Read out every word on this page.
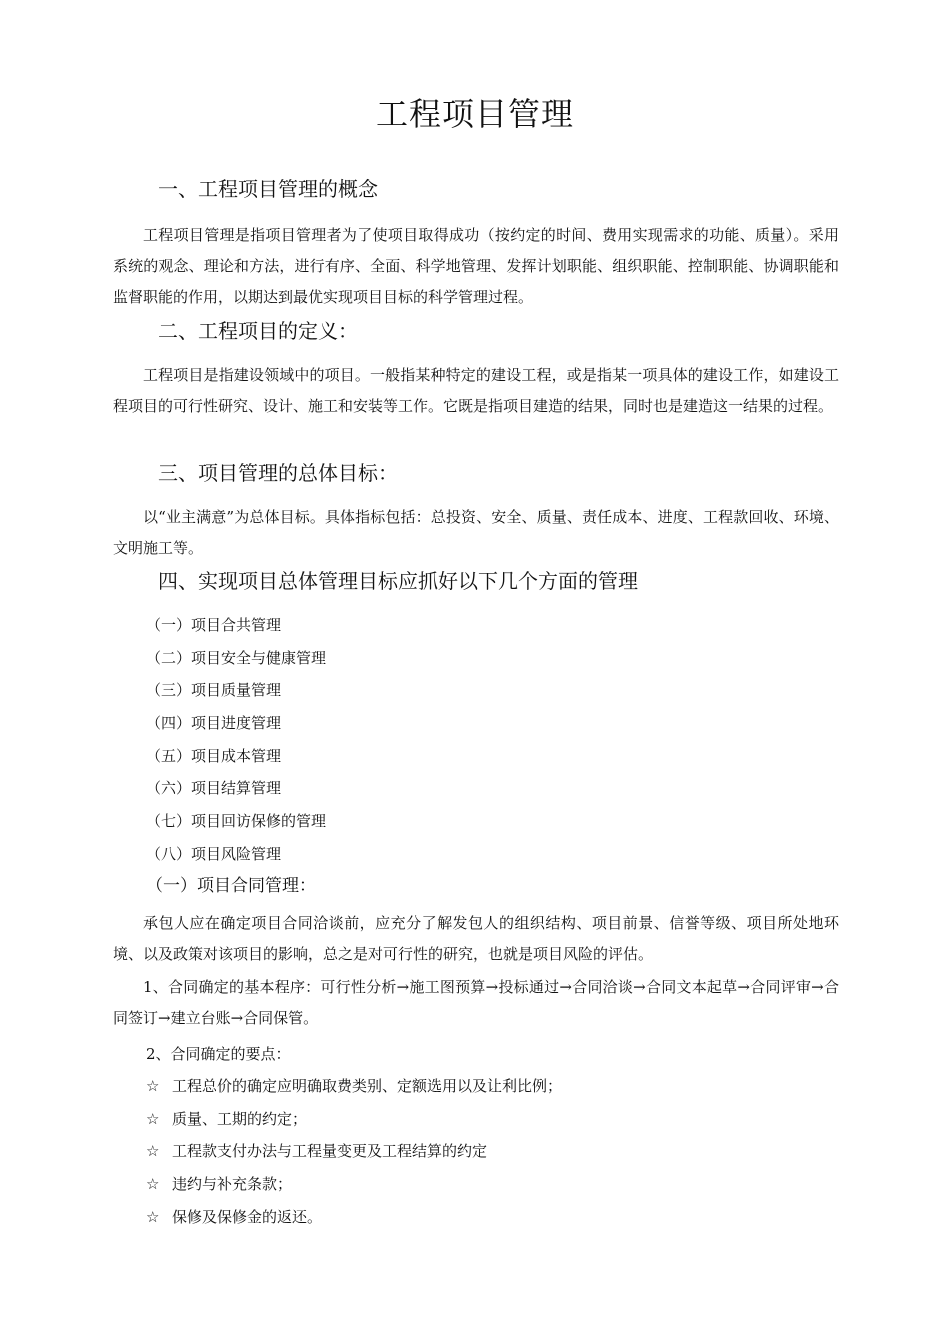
工程项目管理
一、工程项目管理的概念
工程项目管理是指项目管理者为了使项目取得成功（按约定的时间、费用实现需求的功能、质量）。采用系统的观念、理论和方法，进行有序、全面、科学地管理、发挥计划职能、组织职能、控制职能、协调职能和监督职能的作用，以期达到最优实现项目目标的科学管理过程。
二、工程项目的定义：
工程项目是指建设领域中的项目。一般指某种特定的建设工程，或是指某一项具体的建设工作，如建设工程项目的可行性研究、设计、施工和安装等工作。它既是指项目建造的结果，同时也是建造这一结果的过程。
三、项目管理的总体目标：
以“业主满意”为总体目标。具体指标包括：总投资、安全、质量、责任成本、进度、工程款回收、环境、文明施工等。
四、实现项目总体管理目标应抓好以下几个方面的管理
（一）项目合共管理
（二）项目安全与健康管理
（三）项目质量管理
（四）项目进度管理
（五）项目成本管理
（六）项目结算管理
（七）项目回访保修的管理
（八）项目风险管理
（一）项目合同管理：
承包人应在确定项目合同洽谈前，应充分了解发包人的组织结构、项目前景、信誉等级、项目所处地环境、以及政策对该项目的影响，总之是对可行性的研究，也就是项目风险的评估。
1、合同确定的基本程序：可行性分析→施工图预算→投标通过→合同洽谈→合同文本起草→合同评审→合同签订→建立台账→合同保管。
2、合同确定的要点：
☆ 工程总价的确定应明确取费类别、定额选用以及让利比例；
☆ 质量、工期的约定；
☆ 工程款支付办法与工程量变更及工程结算的约定
☆ 违约与补充条款；
☆ 保修及保修金的返还。
